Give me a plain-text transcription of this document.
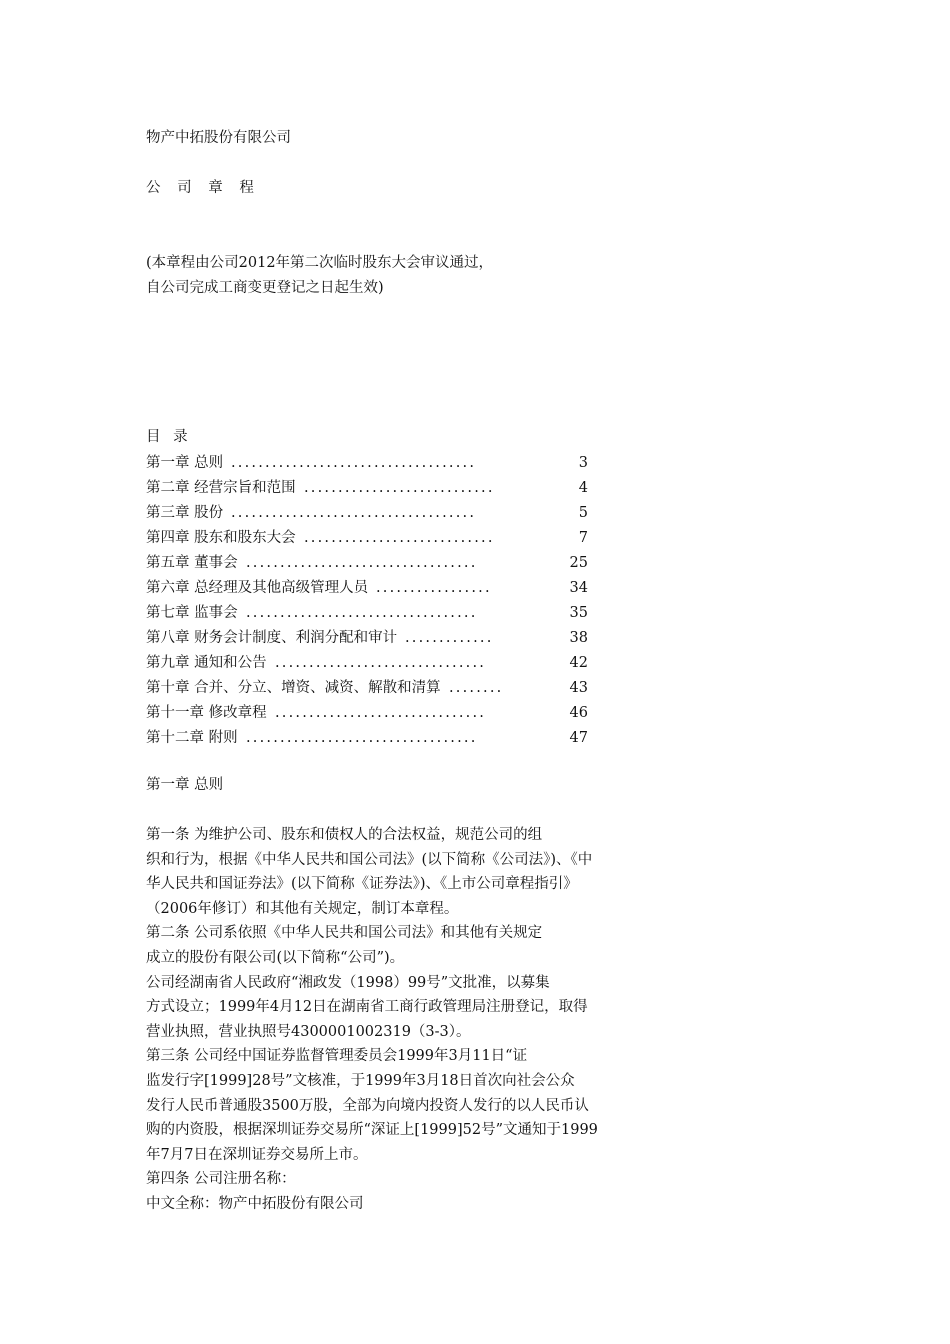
物产中拓股份有限公司
公 司 章 程
(本章程由公司2012年第二次临时股东大会审议通过，
自公司完成工商变更登记之日起生效)
目 录
第一章 总则 ....................................	3
第二章 经营宗旨和范围 ............................	4
第三章 股份 ....................................	5
第四章 股东和股东大会 ............................	7
第五章 董事会 ..................................	25
第六章 总经理及其他高级管理人员 .................	34
第七章 监事会 ..................................	35
第八章 财务会计制度、利润分配和审计 .............	38
第九章 通知和公告 ...............................	42
第十章 合并、分立、增资、减资、解散和清算 ........	43
第十一章 修改章程 ...............................	46
第十二章 附则 ..................................	47
第一章 总则
第一条 为维护公司、股东和债权人的合法权益，规范公司的组
织和行为，根据《中华人民共和国公司法》(以下简称《公司法》)、《中
华人民共和国证券法》(以下简称《证券法》)、《上市公司章程指引》
（2006年修订）和其他有关规定，制订本章程。
第二条 公司系依照《中华人民共和国公司法》和其他有关规定
成立的股份有限公司(以下简称“公司”)。
公司经湖南省人民政府“湘政发（1998）99号”文批准，以募集
方式设立；1999年4月12日在湖南省工商行政管理局注册登记，取得
营业执照，营业执照号4300001002319（3-3）。
第三条 公司经中国证券监督管理委员会1999年3月11日“证
监发行字[1999]28号”文核准，于1999年3月18日首次向社会公众
发行人民币普通股3500万股，全部为向境内投资人发行的以人民币认
购的内资股，根据深圳证券交易所“深证上[1999]52号”文通知于1999
年7月7日在深圳证券交易所上市。
第四条 公司注册名称：
中文全称：物产中拓股份有限公司
